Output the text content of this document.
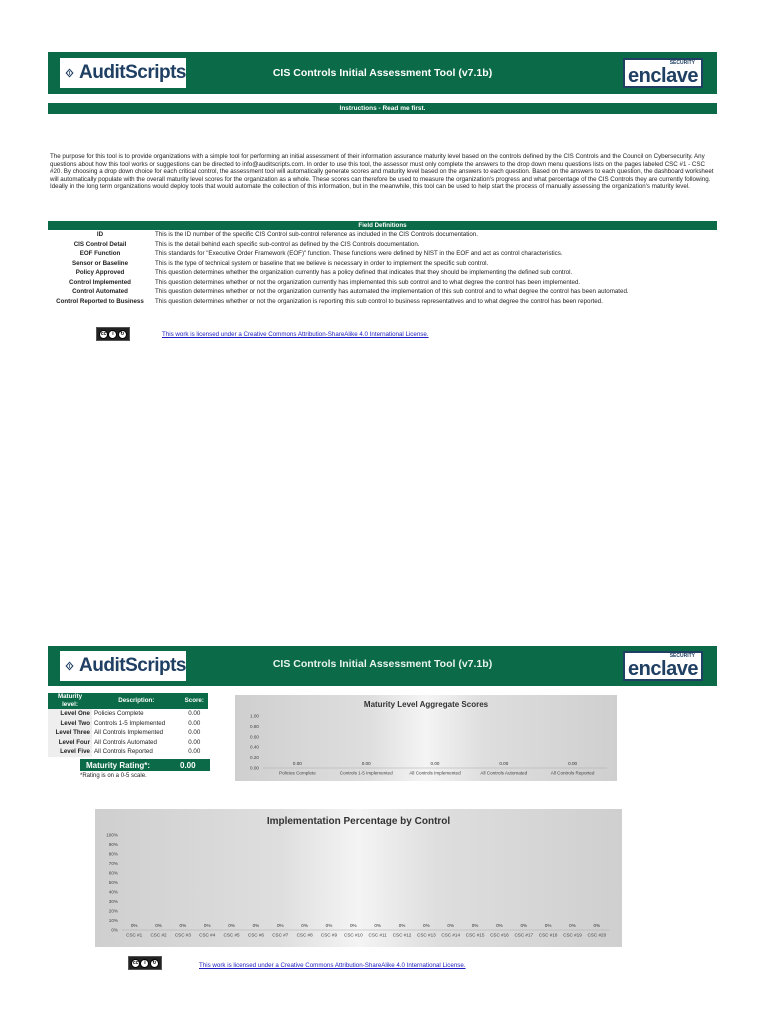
AuditScripts	CIS Controls Initial Assessment Tool (v7.1b)
SECURITY
enclave
Instructions - Read me first.
The purpose for this tool is to provide organizations with a simple tool for performing an initial assessment of their information assurance maturity level based on the controls defined by the CIS Controls and the Council on Cybersecurity. Any questions about how this tool works or suggestions can be directed to info@auditscripts.com. In order to use this tool, the assessor must only complete the answers to the drop down menu questions lists on the pages labeled CSC #1 - CSC #20. By choosing a drop down choice for each critical control, the assessment tool will automatically generate scores and maturity level based on the answers to each question. Based on the answers to each question, the dashboard worksheet will automatically populate with the overall maturity level scores for the organization as a whole. These scores can therefore be used to measure the organization's progress and what percentage of the CIS Controls they are currently following. Ideally in the long term organizations would deploy tools that would automate the collection of this information, but in the meanwhile, this tool can be used to help start the process of manually assessing the organization's maturity level.
Field Definitions	
ID	This is the ID number of the specific CIS Control sub-control reference as included in the CIS Controls documentation.
CIS Control Detail	This is the detail behind each specific sub-control as defined by the CIS Controls documentation.
EOF Function	This standards for "Executive Order Framework (EOF)" function. These functions were defined by NIST in the EOF and act as control characteristics.
Sensor or Baseline	This is the type of technical system or baseline that we believe is necessary in order to implement the specific sub control.
Policy Approved	This question determines whether the organization currently has a policy defined that indicates that they should be implementing the defined sub control.
Control Implemented	This question determines whether or not the organization currently has implemented this sub control and to what degree the control has been implemented.
Control Automated	This question determines whether or not the organization currently has automated the implementation of this sub control and to what degree the control has been automated.
Control Reported to Business	This question determines whether or not the organization is reporting this sub control to business representatives and to what degree the control has been reported.
cc	i	↻	This work is licensed under a Creative Commons Attribution-ShareAlike 4.0 International License.
AuditScripts	CIS Controls Initial Assessment Tool (v7.1b)
SECURITY
enclave
Maturity level:	Description:	Score:
Level One	Policies Complete	0.00
Level Two	Controls 1-5 Implemented	0.00
Level Three	All Controls Implemented	0.00
Level Four	All Controls Automated	0.00
Level Five	All Controls Reported	0.00
Maturity Rating*:	0.00
*Rating is on a 0-5 scale.
Maturity Level Aggregate Scores
0.00
0.20
0.40
0.60
0.80
1.00
0.00
Policies Complete
0.00
Controls 1-5 Implemented
0.00
All Controls Implemented
0.00
All Controls Automated
0.00
All Controls Reported
Implementation Percentage by Control
0%
10%
20%
30%
40%
50%
60%
70%
80%
90%
100%
0%
CSC #1
0%
CSC #2
0%
CSC #3
0%
CSC #4
0%
CSC #5
0%
CSC #6
0%
CSC #7
0%
CSC #8
0%
CSC #9
0%
CSC #10
0%
CSC #11
0%
CSC #12
0%
CSC #13
0%
CSC #14
0%
CSC #15
0%
CSC #16
0%
CSC #17
0%
CSC #18
0%
CSC #19
0%
CSC #20
cc	i	↻	This work is licensed under a Creative Commons Attribution-ShareAlike 4.0 International License.
